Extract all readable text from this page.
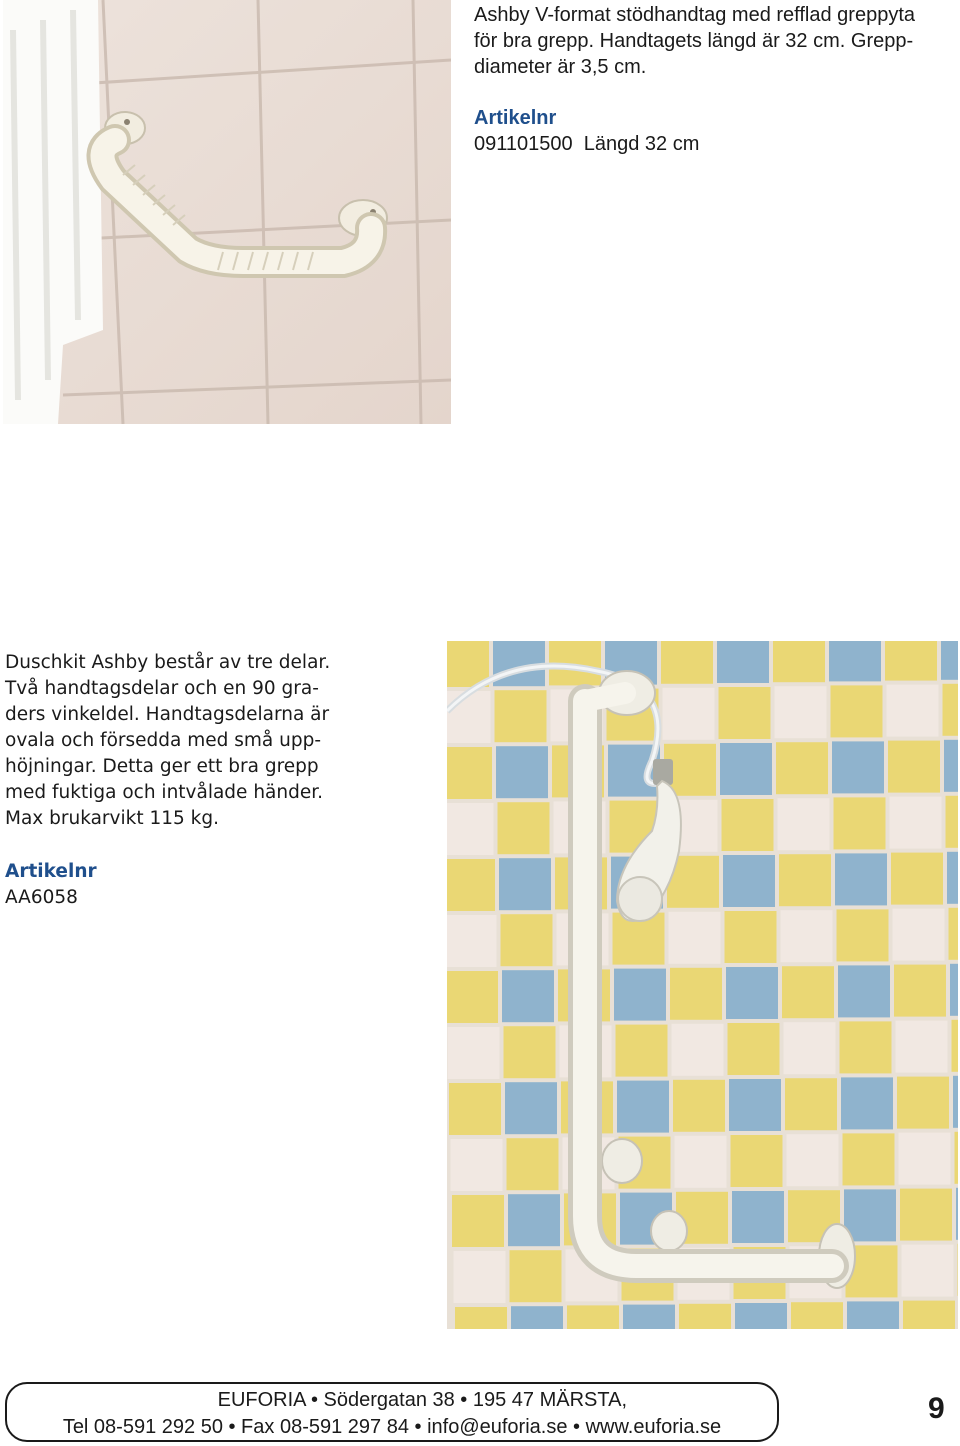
Ashby V-format stödhandtag med refflad greppyta

för bra grepp. Handtagets längd är 32 cm. Grepp-

diameter är 3,5 cm.

Artikelnr
091101500  Längd 32 cm

Duschkit Ashby består av tre delar.

Två handtagsdelar och en 90 gra-

ders vinkeldel. Handtagsdelarna är

ovala och försedda med små upp-

höjningar. Detta ger ett bra grepp

med fuktiga och intvålade händer.

Max brukarvikt 115 kg.

Artikelnr
AA6058
EUFORIA • Södergatan 38 • 195 47 MÄRSTA,
Tel 08-591 292 50 • Fax 08-591 297 84 • info@euforia.se • www.euforia.se
9
